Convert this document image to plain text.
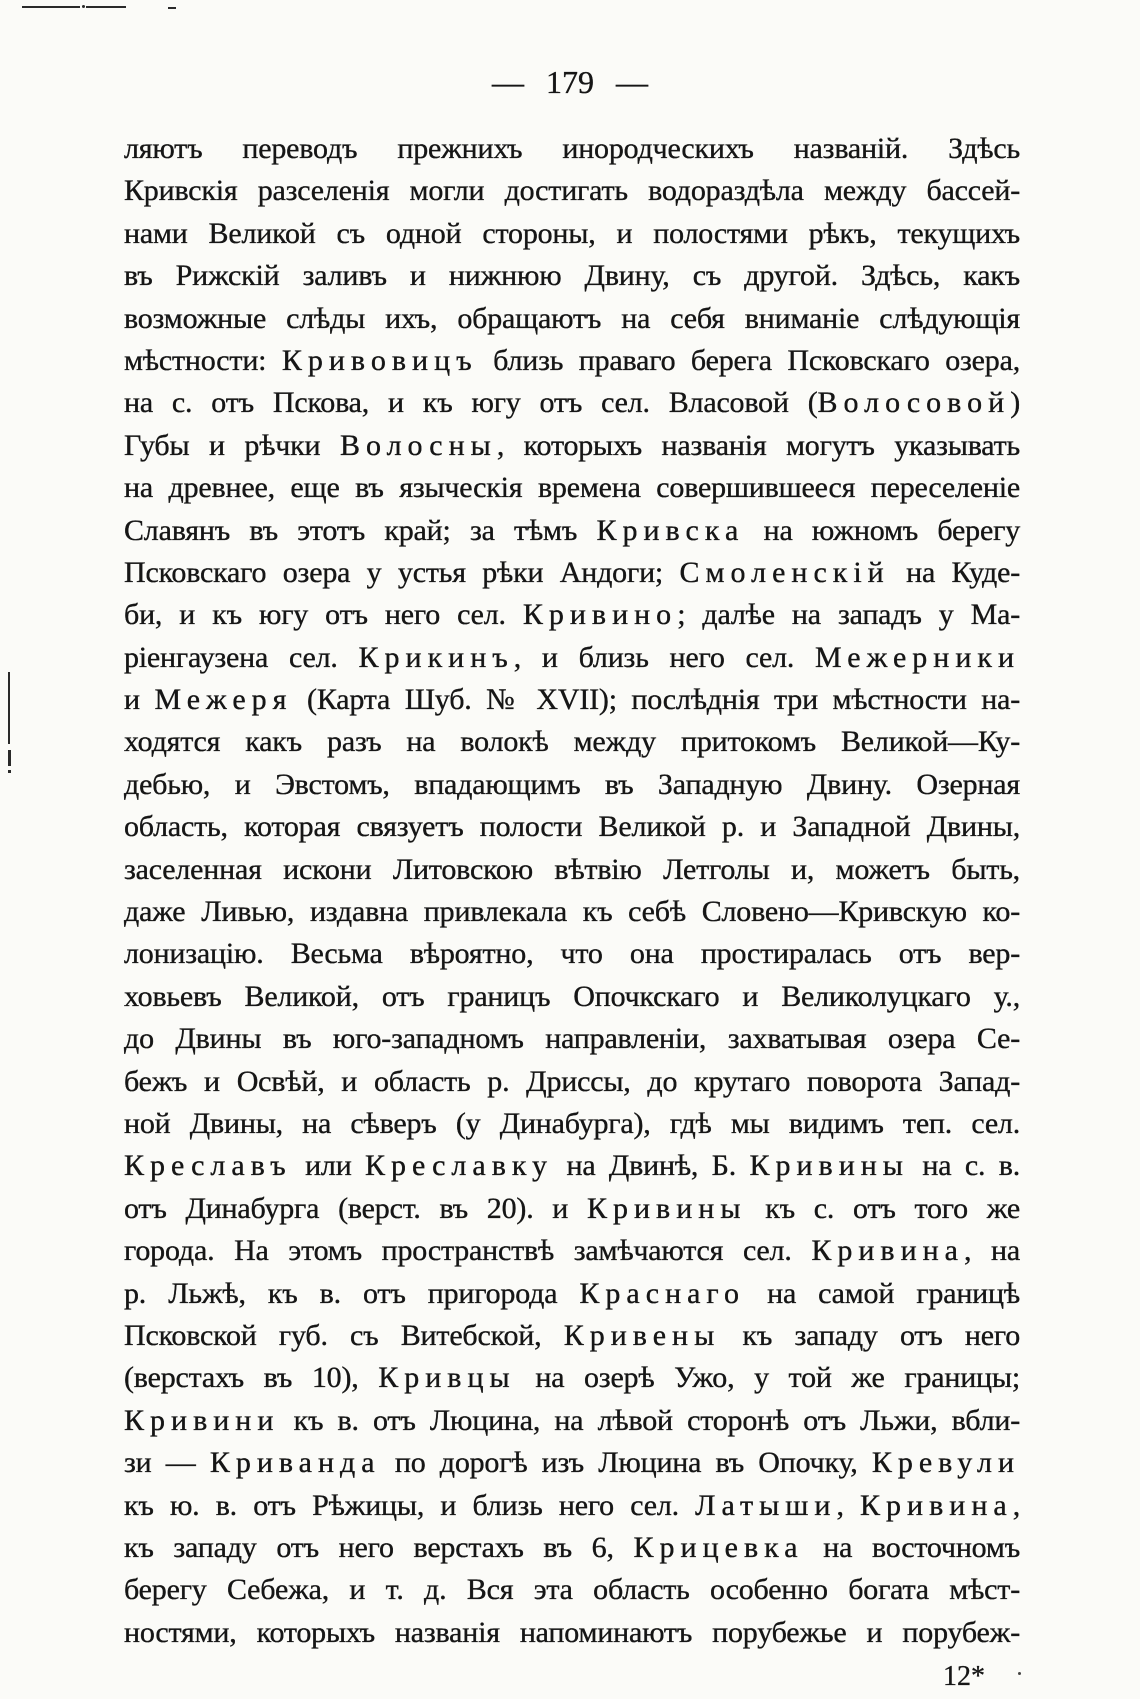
— 179 —
ляютъ переводъ прежнихъ инородческихъ названій. Здѣсь
Кривскія разселенія могли достигать водораздѣла между бассей-
нами Великой съ одной стороны, и полостями рѣкъ, текущихъ
въ Рижскій заливъ и нижнюю Двину, съ другой. Здѣсь, какъ
возможные слѣды ихъ, обращаютъ на себя вниманіе слѣдующія
мѣстности: Кривовицъ близь праваго берега Псковскаго озера,
на с. отъ Пскова, и къ югу отъ сел. Власовой (Волосовой)
Губы и рѣчки Волосны, которыхъ названія могутъ указывать
на древнее, еще въ языческія времена совершившееся переселеніе
Славянъ въ этотъ край; за тѣмъ Кривска на южномъ берегу
Псковскаго озера у устья рѣки Андоги; Смоленскій на Куде-
би, и къ югу отъ него сел. Кривино; далѣе на западъ у Ма-
ріенгаузена сел. Крикинъ, и близь него сел. Межерники
и Межеря (Карта Шуб. № XVII); послѣднія три мѣстности на-
ходятся какъ разъ на волокѣ между притокомъ Великой—Ку-
дебью, и Эвстомъ, впадающимъ въ Западную Двину. Озерная
область, которая связуетъ полости Великой р. и Западной Двины,
заселенная искони Литовскою вѣтвію Летголы и, можетъ быть,
даже Ливью, издавна привлекала къ себѣ Словено—Кривскую ко-
лонизацію. Весьма вѣроятно, что она простиралась отъ вер-
ховьевъ Великой, отъ границъ Опочкскаго и Великолуцкаго у.,
до Двины въ юго-западномъ направленіи, захватывая озера Се-
бежъ и Освѣй, и область р. Дриссы, до крутаго поворота Запад-
ной Двины, на сѣверъ (у Динабурга), гдѣ мы видимъ теп. сел.
Креславъ или Креславку на Двинѣ, Б. Кривины на с. в.
отъ Динабурга (верст. въ 20). и Кривины къ с. отъ того же
города. На этомъ пространствѣ замѣчаются сел. Кривина, на
р. Льжѣ, къ в. отъ пригорода Краснаго на самой границѣ
Псковской губ. съ Витебской, Кривены къ западу отъ него
(верстахъ въ 10), Кривцы на озерѣ Ужо, у той же границы;
Кривини къ в. отъ Люцина, на лѣвой сторонѣ отъ Льжи, вбли-
зи — Криванда по дорогѣ изъ Люцина въ Опочку, Кревули
къ ю. в. отъ Рѣжицы, и близь него сел. Латыши, Кривина,
къ западу отъ него верстахъ въ 6, Крицевка на восточномъ
берегу Себежа, и т. д. Вся эта область особенно богата мѣст-
ностями, которыхъ названія напоминаютъ порубежье и порубеж-
12*
